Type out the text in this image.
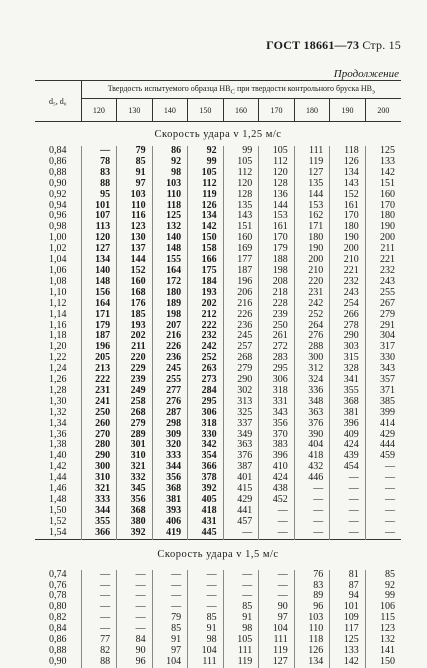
ГОСТ 18661—73 Стр. 15
Продолжение
d₅, d₀	Твердость испытуемого образца $HB_C$ при твердости контрольного бруска $HB_э$
	120	130	140	150	160	170	180	190	200
Скорость удара v 1,25 м/с									
0,84	—	79	86	92	99	105	111	118	125
0,86	78	85	92	99	105	112	119	126	133
0,88	83	91	98	105	112	120	127	134	142
0,90	88	97	103	112	120	128	135	143	151
0,92	95	103	110	119	128	136	144	152	160
0,94	101	110	118	126	135	144	153	161	170
0,96	107	116	125	134	143	153	162	170	180
0,98	113	123	132	142	151	161	171	180	190
1,00	120	130	140	150	160	170	180	190	200
1,02	127	137	148	158	169	179	190	200	211
1,04	134	144	155	166	177	188	200	210	221
1,06	140	152	164	175	187	198	210	221	232
1,08	148	160	172	184	196	208	220	232	243
1,10	156	168	180	193	206	218	231	243	255
1,12	164	176	189	202	216	228	242	254	267
1,14	171	185	198	212	226	239	252	266	279
1,16	179	193	207	222	236	250	264	278	291
1,18	187	202	216	232	245	261	276	290	304
1,20	196	211	226	242	257	272	288	303	317
1,22	205	220	236	252	268	283	300	315	330
1,24	213	229	245	263	279	295	312	328	343
1,26	222	239	255	273	290	306	324	341	357
1,28	231	249	277	284	302	318	336	355	371
1,30	241	258	276	295	313	331	348	368	385
1,32	250	268	287	306	325	343	363	381	399
1,34	260	279	298	318	337	356	376	396	414
1,36	270	289	309	330	349	370	390	409	429
1,38	280	301	320	342	363	383	404	424	444
1,40	290	310	333	354	376	396	418	439	459
1,42	300	321	344	366	387	410	432	454	—
1,44	310	332	356	378	401	424	446	—	—
1,46	321	345	368	392	415	438	—	—	—
1,48	333	356	381	405	429	452	—	—	—
1,50	344	368	393	418	441	—	—	—	—
1,52	355	380	406	431	457	—	—	—	—
1,54	366	392	419	445	—	—	—	—	—

Скорость удара v 1,5 м/с									
0,74	—	—	—	—	—	—	76	81	85
0,76	—	—	—	—	—	—	83	87	92
0,78	—	—	—	—	—	—	89	94	99
0,80	—	—	—	—	85	90	96	101	106
0,82	—	—	79	85	91	97	103	109	115
0,84	—	—	85	91	98	104	110	117	123
0,86	77	84	91	98	105	111	118	125	132
0,88	82	90	97	104	111	119	126	133	141
0,90	88	96	104	111	119	127	134	142	150
